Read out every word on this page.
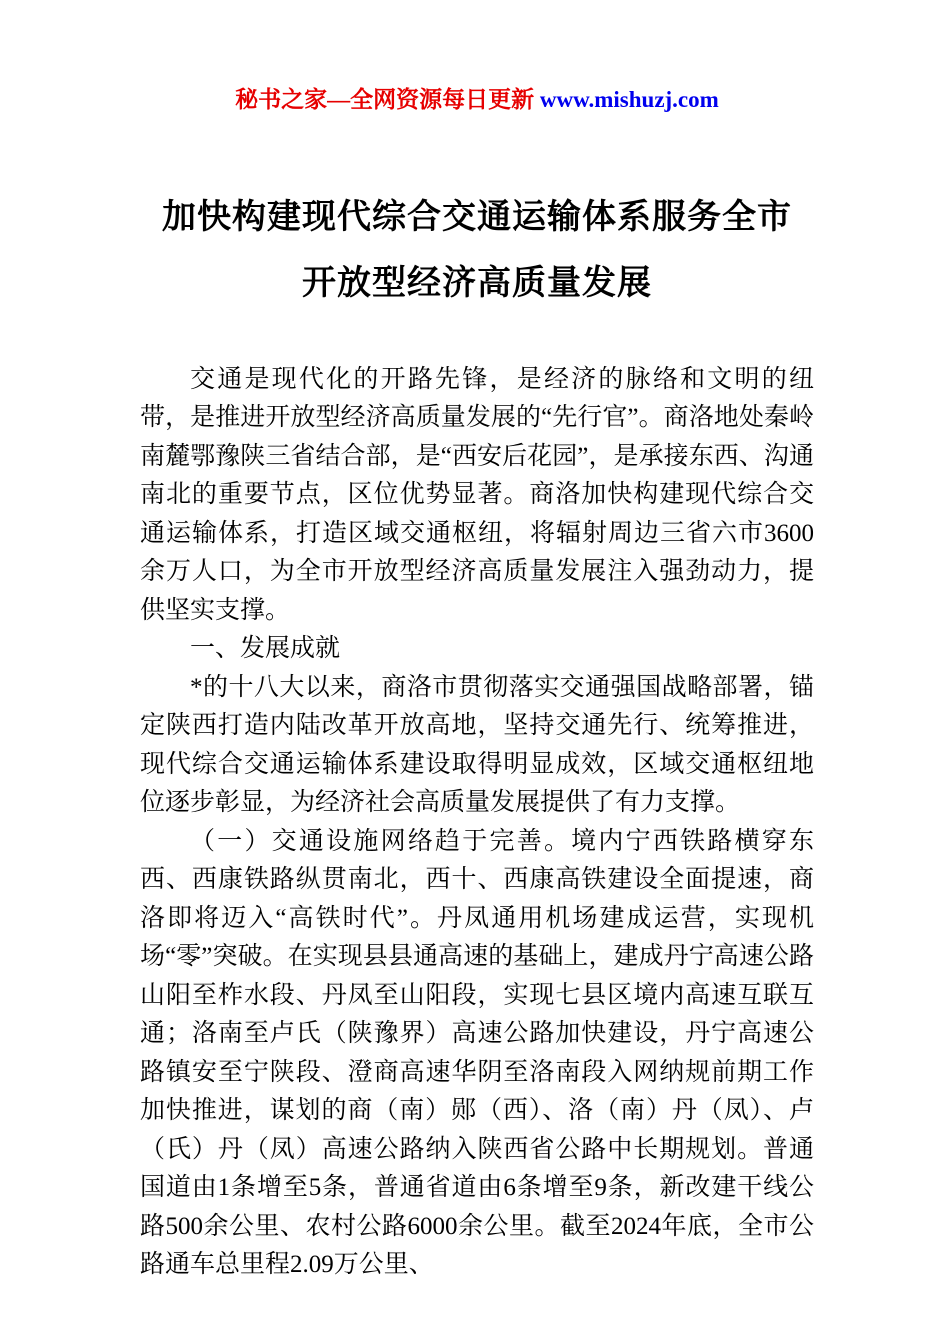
秘书之家—全网资源每日更新 www.mishuzj.com
加快构建现代综合交通运输体系服务全市
开放型经济高质量发展

交通是现代化的开路先锋，是经济的脉络和文明的纽带，是推进开放型经济高质量发展的“先行官”。商洛地处秦岭南麓鄂豫陕三省结合部，是“西安后花园”，是承接东西、沟通南北的重要节点，区位优势显著。商洛加快构建现代综合交通运输体系，打造区域交通枢纽，将辐射周边三省六市3600余万人口，为全市开放型经济高质量发展注入强劲动力，提供坚实支撑。

一、发展成就

*的十八大以来，商洛市贯彻落实交通强国战略部署，锚定陕西打造内陆改革开放高地，坚持交通先行、统筹推进，现代综合交通运输体系建设取得明显成效，区域交通枢纽地位逐步彰显，为经济社会高质量发展提供了有力支撑。

（一）交通设施网络趋于完善。境内宁西铁路横穿东西、西康铁路纵贯南北，西十、西康高铁建设全面提速，商洛即将迈入“高铁时代”。丹凤通用机场建成运营，实现机场“零”突破。在实现县县通高速的基础上，建成丹宁高速公路山阳至柞水段、丹凤至山阳段，实现七县区境内高速互联互通；洛南至卢氏（陕豫界）高速公路加快建设，丹宁高速公路镇安至宁陕段、澄商高速华阴至洛南段入网纳规前期工作加快推进，谋划的商（南）郧（西）、洛（南）丹（凤）、卢（氏）丹（凤）高速公路纳入陕西省公路中长期规划。普通国道由1条增至5条，普通省道由6条增至9条，新改建干线公路500余公里、农村公路6000余公里。截至2024年底，全市公路通车总里程2.09万公里、
